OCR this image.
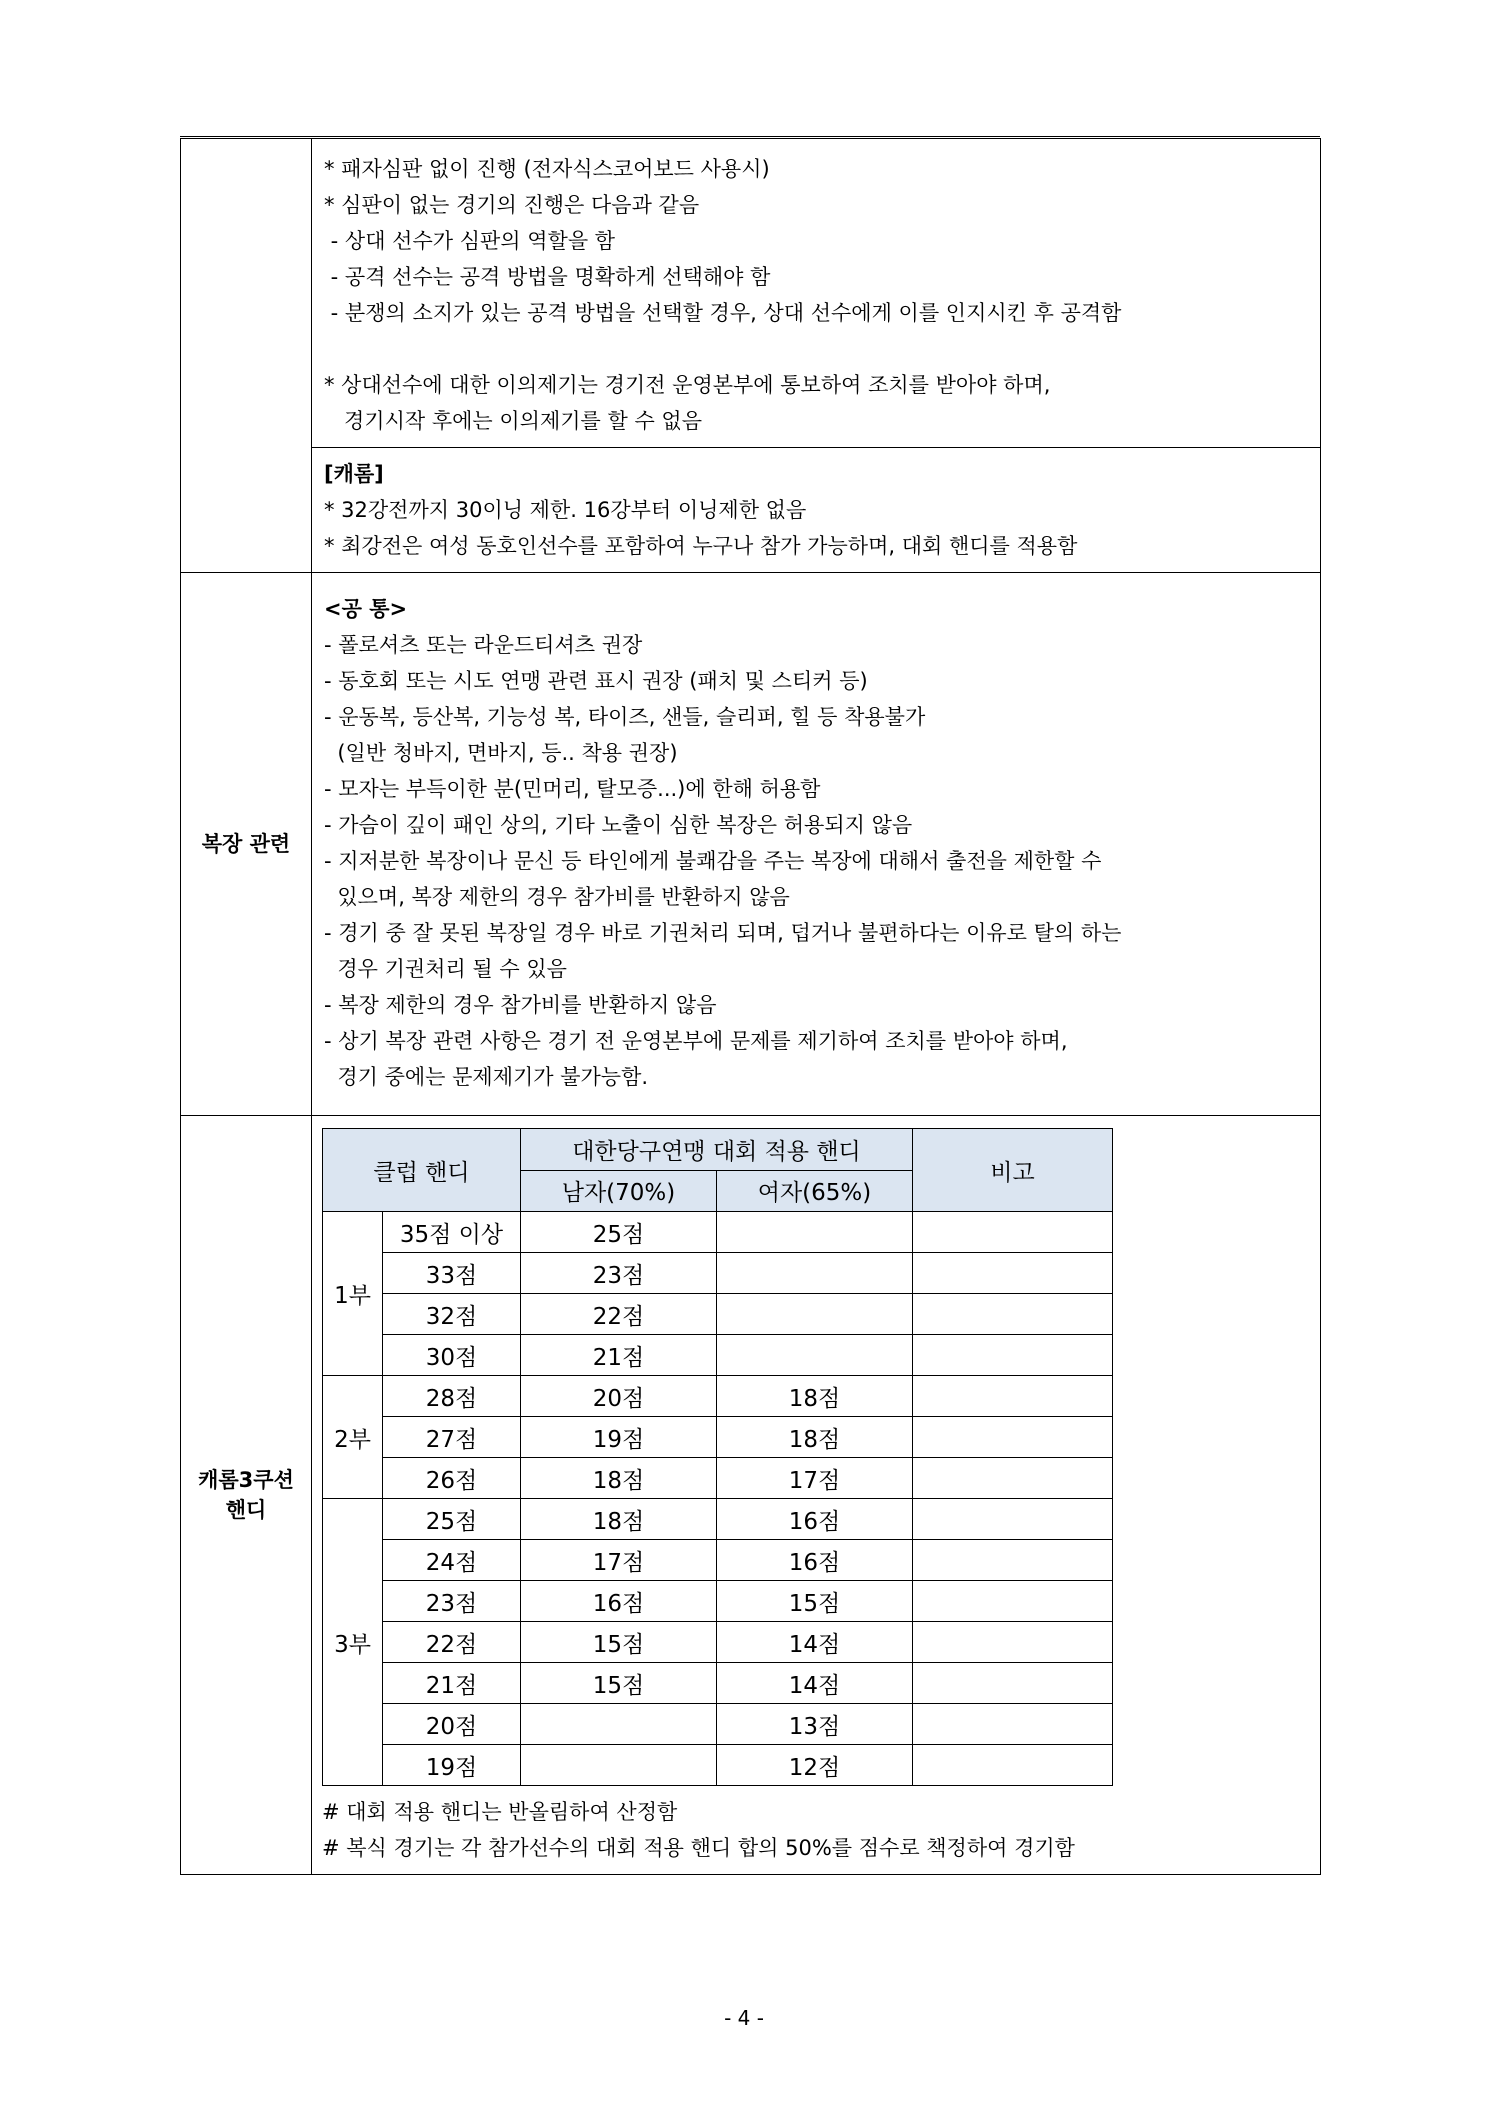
* 패자심판 없이 진행 (전자식스코어보드 사용시)
* 심판이 없는 경기의 진행은 다음과 같음
- 상대 선수가 심판의 역할을 함
- 공격 선수는 공격 방법을 명확하게 선택해야 함
- 분쟁의 소지가 있는 공격 방법을 선택할 경우, 상대 선수에게 이를 인지시킨 후 공격함
* 상대선수에 대한 이의제기는 경기전 운영본부에 통보하여 조치를 받아야 하며,
경기시작 후에는 이의제기를 할 수 없음

[캐롬]
* 32강전까지 30이닝 제한. 16강부터 이닝제한 없음
* 최강전은 여성 동호인선수를 포함하여 누구나 참가 가능하며, 대회 핸디를 적용함

복장 관련	
<공 통>
- 폴로셔츠 또는 라운드티셔츠 권장
- 동호회 또는 시도 연맹 관련 표시 권장 (패치 및 스티커 등)
- 운동복, 등산복, 기능성 복, 타이즈, 샌들, 슬리퍼, 힐 등 착용불가
(일반 청바지, 면바지, 등.. 착용 권장)
- 모자는 부득이한 분(민머리, 탈모증...)에 한해 허용함
- 가슴이 깊이 패인 상의, 기타 노출이 심한 복장은 허용되지 않음
- 지저분한 복장이나 문신 등 타인에게 불쾌감을 주는 복장에 대해서 출전을 제한할 수
있으며, 복장 제한의 경우 참가비를 반환하지 않음
- 경기 중 잘 못된 복장일 경우 바로 기권처리 되며, 덥거나 불편하다는 이유로 탈의 하는
경우 기권처리 될 수 있음
- 복장 제한의 경우 참가비를 반환하지 않음
- 상기 복장 관련 사항은 경기 전 운영본부에 문제를 제기하여 조치를 받아야 하며,
경기 중에는 문제제기가 불가능함.

캐롬3쿠션
핸디

클럽 핸디	대한당구연맹 대회 적용 핸디	비고
남자(70%)	여자(65%)
1부	35점 이상	25점		
33점	23점		
32점	22점		
30점	21점		
2부	28점	20점	18점	
27점	19점	18점	
26점	18점	17점	
3부	25점	18점	16점	
24점	17점	16점	
23점	16점	15점	
22점	15점	14점	
21점	15점	14점	
20점		13점	
19점		12점	
# 대회 적용 핸디는 반올림하여 산정함
# 복식 경기는 각 참가선수의 대회 적용 핸디 합의 50%를 점수로 책정하여 경기함
- 4 -
